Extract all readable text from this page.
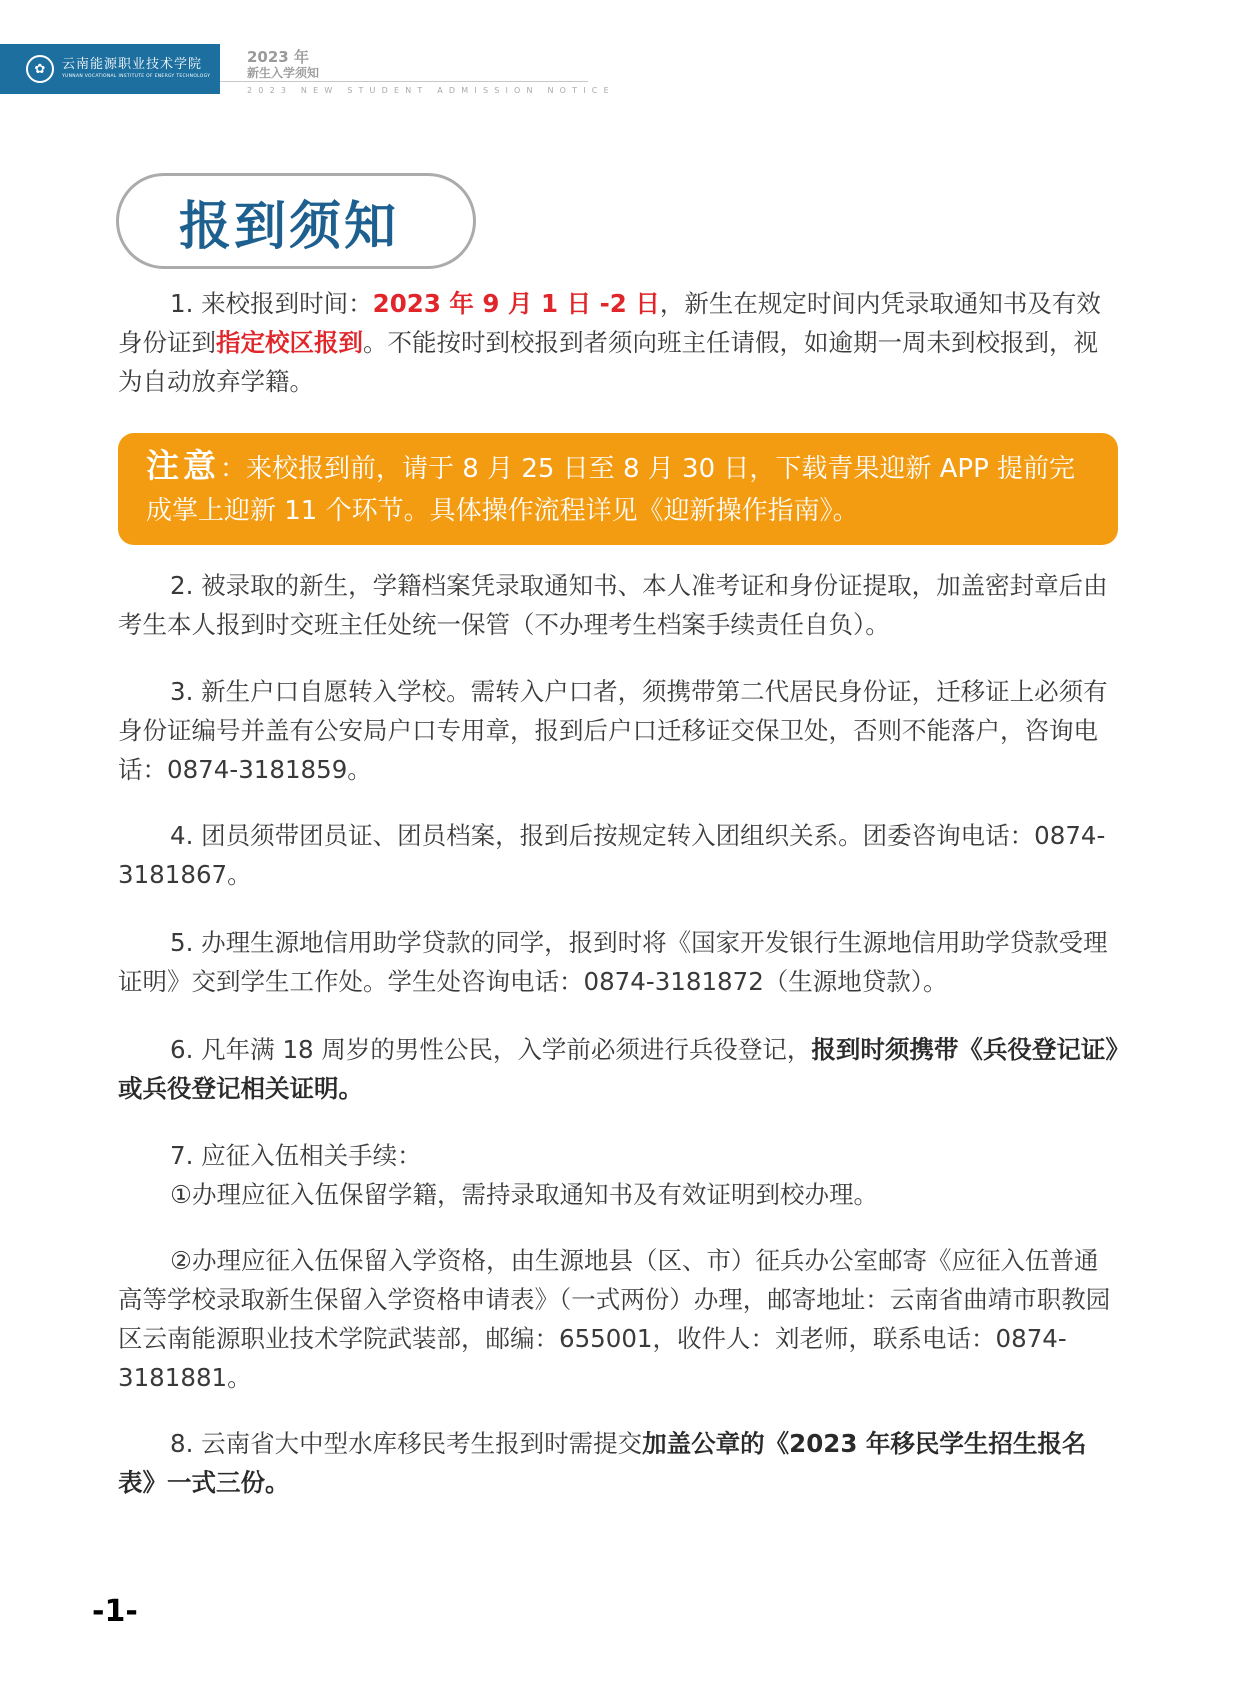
✿	云南能源职业技术学院
YUNNAN VOCATIONAL INSTITUTE OF ENERGY TECHNOLOGY
2023 年
新生入学须知
2023 NEW STUDENT ADMISSION NOTICE
报到须知
1. 来校报到时间：2023 年 9 月 1 日 -2 日，新生在规定时间内凭录取通知书及有效身份证到指定校区报到。不能按时到校报到者须向班主任请假，如逾期一周未到校报到，视为自动放弃学籍。
注意：来校报到前，请于 8 月 25 日至 8 月 30 日，下载青果迎新 APP 提前完成掌上迎新 11 个环节。具体操作流程详见《迎新操作指南》。
2. 被录取的新生，学籍档案凭录取通知书、本人准考证和身份证提取，加盖密封章后由考生本人报到时交班主任处统一保管（不办理考生档案手续责任自负）。
3. 新生户口自愿转入学校。需转入户口者，须携带第二代居民身份证，迁移证上必须有身份证编号并盖有公安局户口专用章，报到后户口迁移证交保卫处，否则不能落户，咨询电话：0874-3181859。
4. 团员须带团员证、团员档案，报到后按规定转入团组织关系。团委咨询电话：0874-3181867。
5. 办理生源地信用助学贷款的同学，报到时将《国家开发银行生源地信用助学贷款受理证明》交到学生工作处。学生处咨询电话：0874-3181872（生源地贷款）。
6. 凡年满 18 周岁的男性公民，入学前必须进行兵役登记，报到时须携带《兵役登记证》或兵役登记相关证明。
7. 应征入伍相关手续：
①办理应征入伍保留学籍，需持录取通知书及有效证明到校办理。
②办理应征入伍保留入学资格，由生源地县（区、市）征兵办公室邮寄《应征入伍普通高等学校录取新生保留入学资格申请表》（一式两份）办理，邮寄地址：云南省曲靖市职教园区云南能源职业技术学院武装部，邮编：655001，收件人：刘老师，联系电话：0874-3181881。
8. 云南省大中型水库移民考生报到时需提交加盖公章的《2023 年移民学生招生报名表》一式三份。
-1-
